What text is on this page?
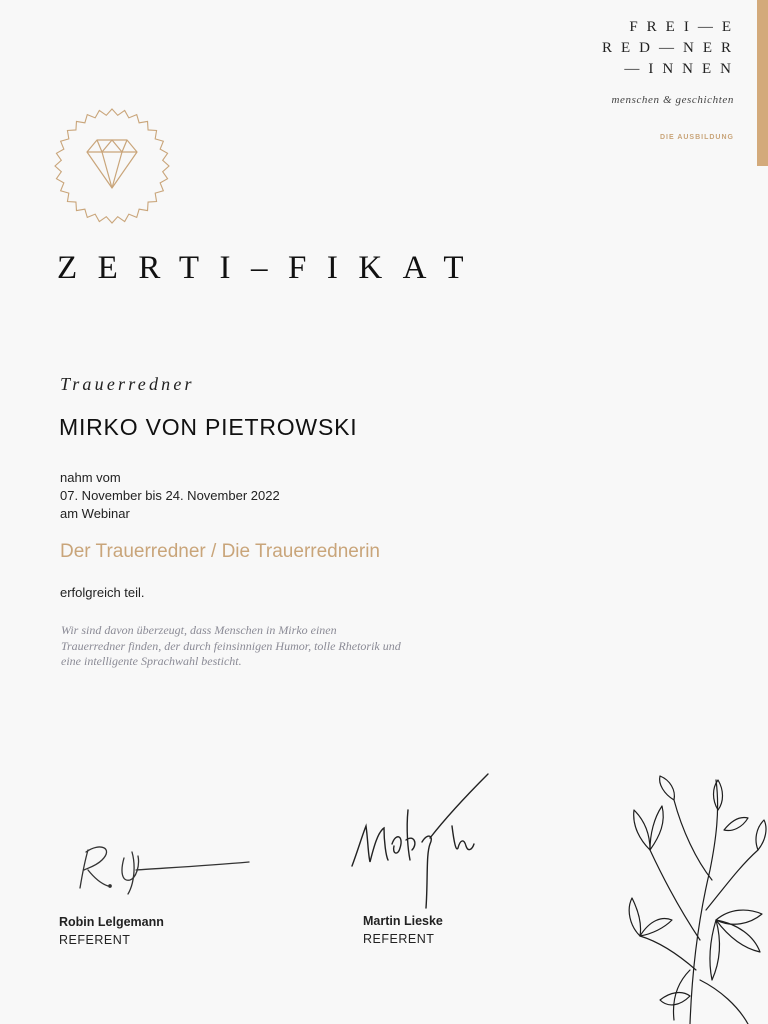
FREI—E
RED—NER
—INNEN
menschen & geschichten
DIE AUSBILDUNG
ZERTI–FIKAT
Trauerredner
MIRKO VON PIETROWSKI
nahm vom
07. November bis 24. November 2022
am Webinar
Der Trauerredner / Die Trauerrednerin
erfolgreich teil.
Wir sind davon überzeugt, dass Menschen in Mirko einen Trauerredner finden, der durch feinsinnigen Humor, tolle Rhetorik und eine intelligente Sprachwahl besticht.
Robin Lelgemann
REFERENT
Martin Lieske
REFERENT
